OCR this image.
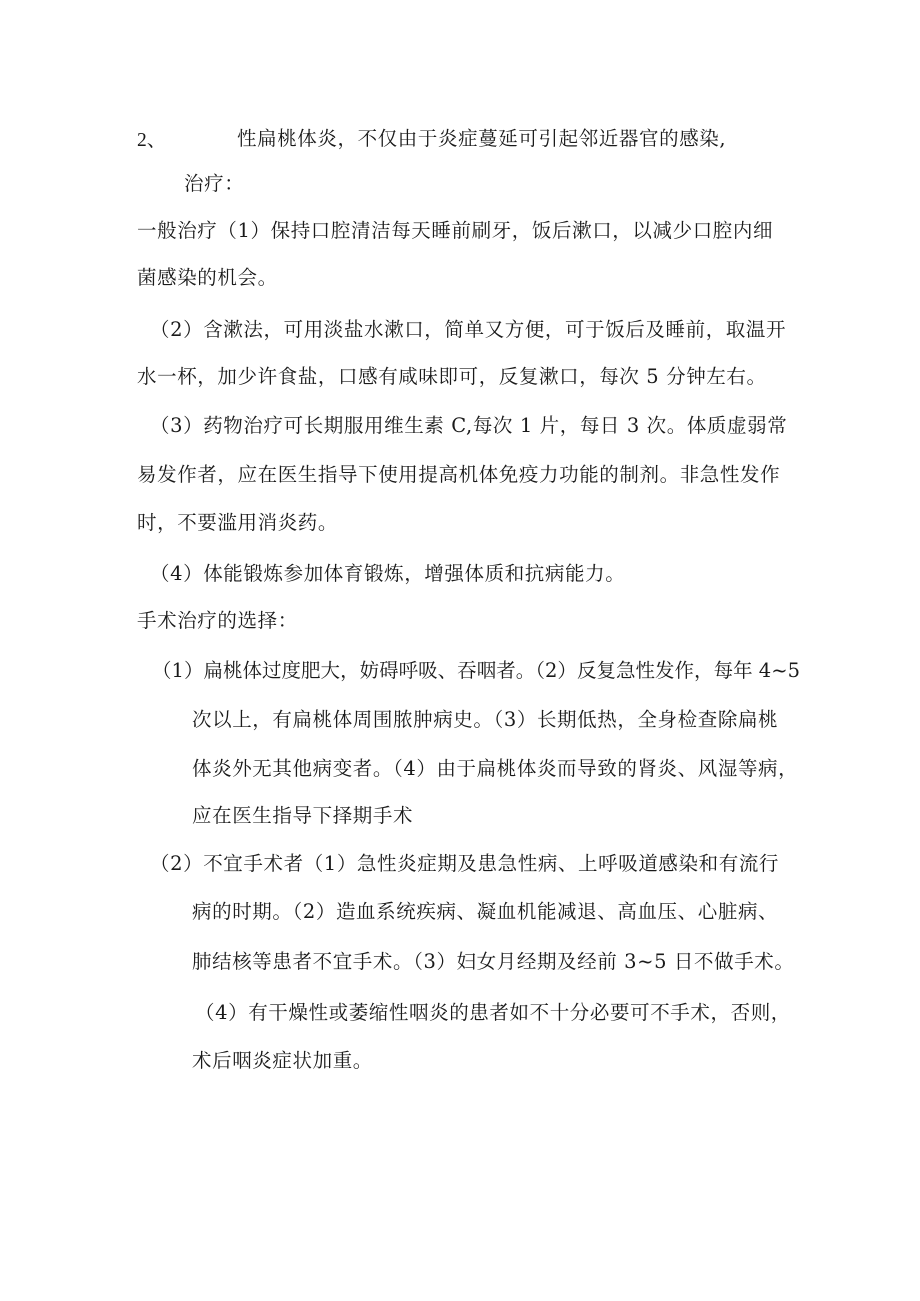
2、	性扁桃体炎，不仅由于炎症蔓延可引起邻近器官的感染,
治疗：
一般治疗（1）保持口腔清洁每天睡前刷牙，饭后漱口，以减少口腔内细
菌感染的机会。
（2）含漱法，可用淡盐水漱口，简单又方便，可于饭后及睡前，取温开
水一杯，加少许食盐，口感有咸味即可，反复漱口，每次 5 分钟左右。
（3）药物治疗可长期服用维生素 C,每次 1 片，每日 3 次。体质虚弱常
易发作者，应在医生指导下使用提高机体免疫力功能的制剂。非急性发作
时，不要滥用消炎药。
（4）体能锻炼参加体育锻炼，增强体质和抗病能力。
手术治疗的选择：
（1）扁桃体过度肥大，妨碍呼吸、吞咽者。（2）反复急性发作，每年 4~5
次以上，有扁桃体周围脓肿病史。（3）长期低热，全身检查除扁桃
体炎外无其他病变者。（4）由于扁桃体炎而导致的肾炎、风湿等病，
应在医生指导下择期手术
（2）不宜手术者（1）急性炎症期及患急性病、上呼吸道感染和有流行
病的时期。（2）造血系统疾病、凝血机能减退、高血压、心脏病、
肺结核等患者不宜手术。（3）妇女月经期及经前 3~5 日不做手术。
（4）有干燥性或萎缩性咽炎的患者如不十分必要可不手术，否则，
术后咽炎症状加重。
